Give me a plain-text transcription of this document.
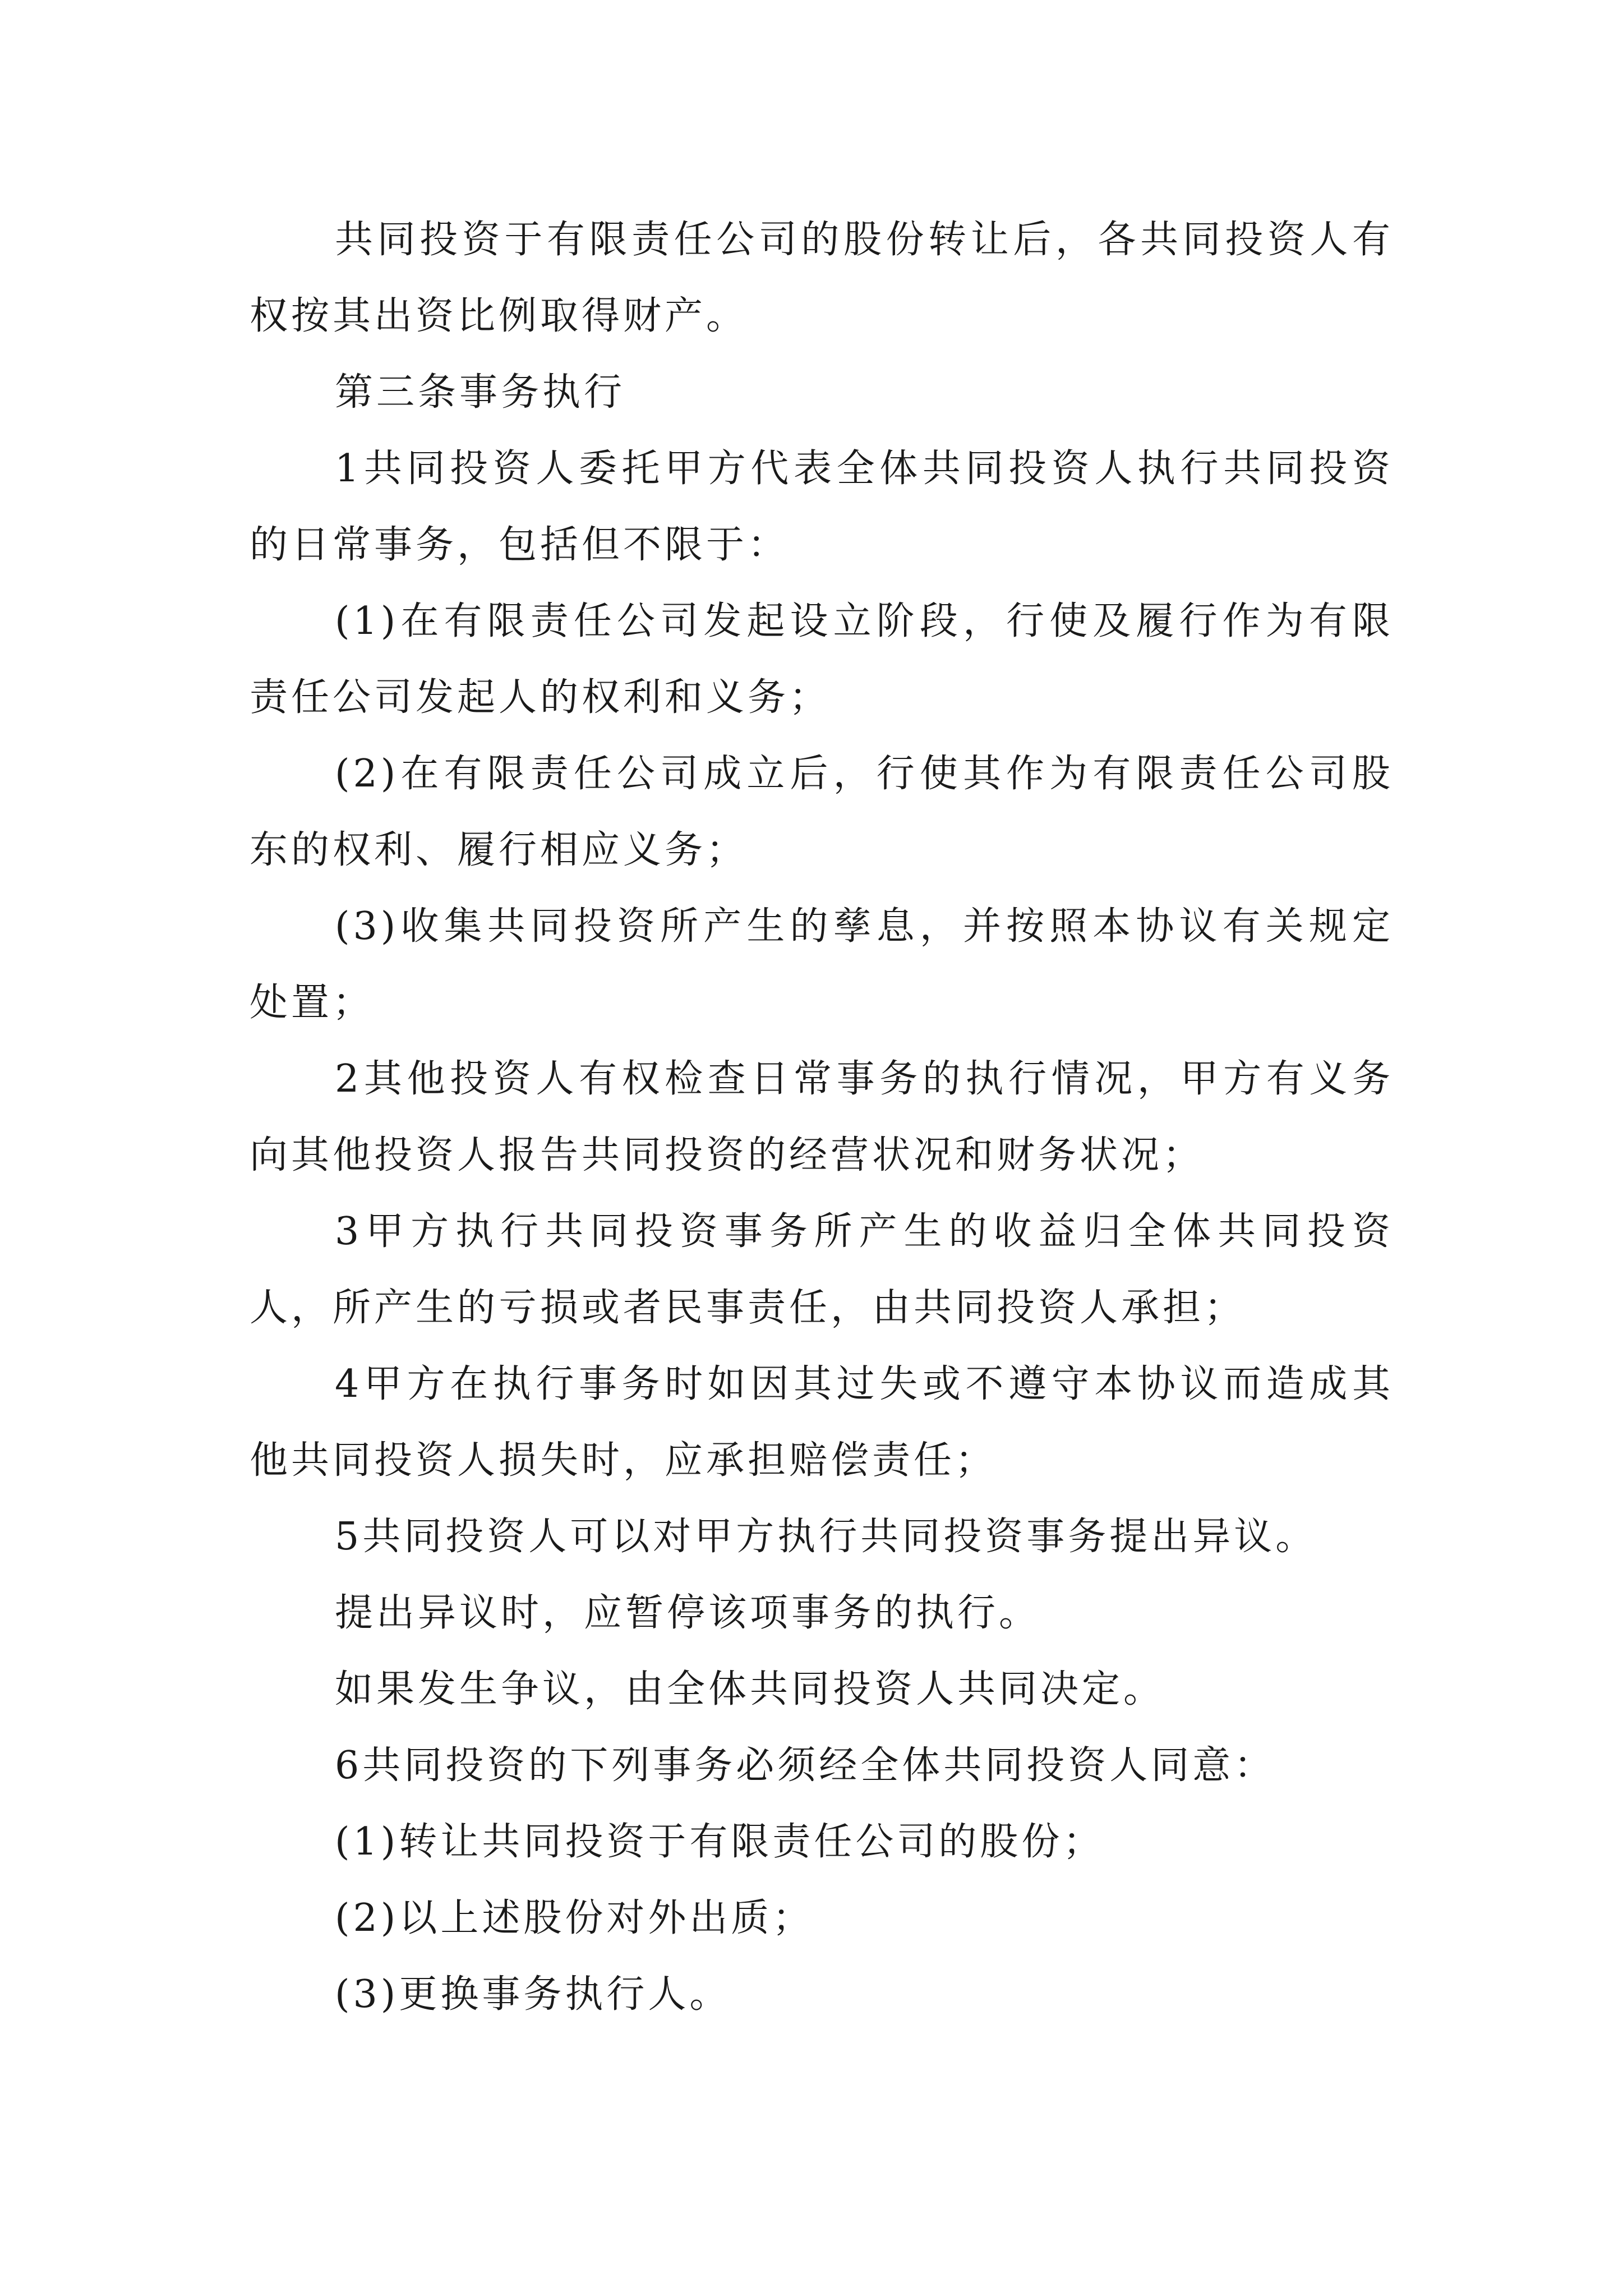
共同投资于有限责任公司的股份转让后，各共同投资人有权按其出资比例取得财产。

第三条事务执行

1共同投资人委托甲方代表全体共同投资人执行共同投资的日常事务，包括但不限于：

(1)在有限责任公司发起设立阶段，行使及履行作为有限责任公司发起人的权利和义务；

(2)在有限责任公司成立后，行使其作为有限责任公司股东的权利、履行相应义务；

(3)收集共同投资所产生的孳息，并按照本协议有关规定处置；

2其他投资人有权检查日常事务的执行情况，甲方有义务向其他投资人报告共同投资的经营状况和财务状况；

3甲方执行共同投资事务所产生的收益归全体共同投资人，所产生的亏损或者民事责任，由共同投资人承担；

4甲方在执行事务时如因其过失或不遵守本协议而造成其他共同投资人损失时，应承担赔偿责任；

5共同投资人可以对甲方执行共同投资事务提出异议。

提出异议时，应暂停该项事务的执行。

如果发生争议，由全体共同投资人共同决定。

6共同投资的下列事务必须经全体共同投资人同意：

(1)转让共同投资于有限责任公司的股份；

(2)以上述股份对外出质；

(3)更换事务执行人。
